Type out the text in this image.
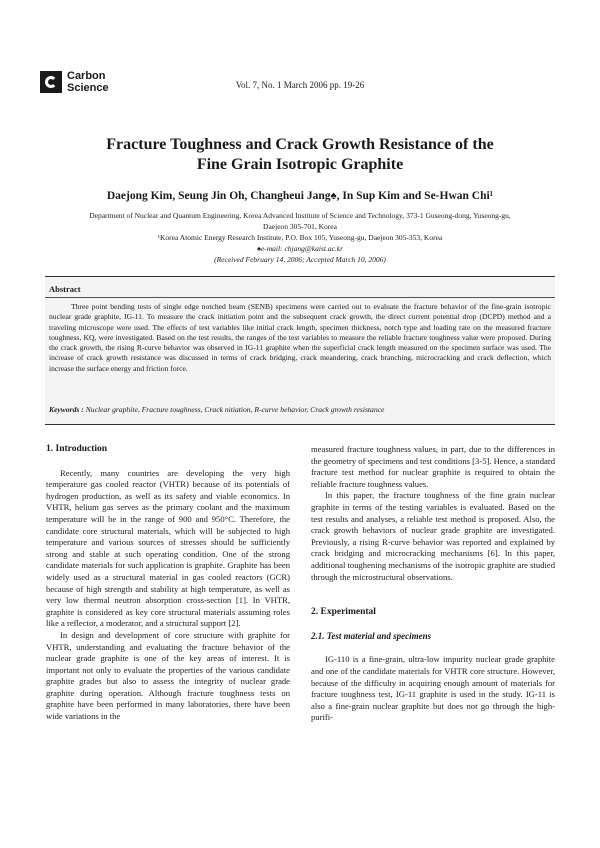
Carbon
Science	Vol. 7, No. 1 March 2006 pp. 19-26
Fracture Toughness and Crack Growth Resistance of the
Fine Grain Isotropic Graphite
Daejong Kim, Seung Jin Oh, Changheui Jang♠, In Sup Kim and Se-Hwan Chi¹
Department of Nuclear and Quantum Engineering, Korea Advanced Institute of Science and Technology, 373-1 Guseong-dong, Yuseong-gu,
Daejeon 305-701, Korea
¹Korea Atomic Energy Research Institute, P.O. Box 105, Yuseong-gu, Daejeon 305-353, Korea
♠e-mail: chjang@kaist.ac.kr
(Received February 14, 2006; Accepted March 10, 2006)
Abstract
Three point bending tests of single edge notched beam (SENB) specimens were carried out to evaluate the fracture behavior of the fine-grain isotropic nuclear grade graphite, IG-11. To measure the crack initiation point and the subsequent crack growth, the direct current potential drop (DCPD) method and a traveling microscope were used. The effects of test variables like initial crack length, specimen thickness, notch type and loading rate on the measured fracture toughness, KQ, were investigated. Based on the test results, the ranges of the test variables to measure the reliable fracture toughness value were proposed. During the crack growth, the rising R-curve behavior was observed in IG-11 graphite when the superficial crack length measured on the specimen surface was used. The increase of crack growth resistance was discussed in terms of crack bridging, crack meandering, crack branching, microcracking and crack deflection, which increase the surface energy and friction force.
Keywords : Nuclear graphite, Fracture toughness, Crack nitiation, R-curve behavior, Crack growth resistance
1. Introduction

Recently, many countries are developing the very high temperature gas cooled reactor (VHTR) because of its potentials of hydrogen production, as well as its safety and viable economics. In VHTR, helium gas serves as the primary coolant and the maximum temperature will be in the range of 900 and 950°C. Therefore, the candidate core structural materials, which will be subjected to high temperature and various sources of stresses should be sufficiently strong and stable at such operating condition. One of the strong candidate materials for such application is graphite. Graphite has been widely used as a structural material in gas cooled reactors (GCR) because of high strength and stability at high temperature, as well as very low thermal neutron absorption cross-section [1]. In VHTR, graphite is considered as key core structural materials assuming roles like a reflector, a moderator, and a structural support [2].

In design and development of core structure with graphite for VHTR, understanding and evaluating the fracture behavior of the nuclear grade graphite is one of the key areas of interest. It is important not only to evaluate the properties of the various candidate graphite grades but also to assess the integrity of nuclear grade graphite during operation. Although fracture toughness tests on graphite have been performed in many laboratories, there have been wide variations in the

measured fracture toughness values, in part, due to the differences in the geometry of specimens and test conditions [3-5]. Hence, a standard fracture test method for nuclear graphite is required to obtain the reliable fracture toughness values.

In this paper, the fracture toughness of the fine grain nuclear graphite in terms of the testing variables is evaluated. Based on the test results and analyses, a reliable test method is proposed. Also, the crack growth behaviors of nuclear grade graphite are investigated. Previously, a rising R-curve behavior was reported and explained by crack bridging and microcracking mechanisms [6]. In this paper, additional toughening mechanisms of the isotropic graphite are studied through the microstructural observations.

2. Experimental
2.1. Test material and specimens

IG-110 is a fine-grain, ultra-low impurity nuclear grade graphite and one of the candidate materials for VHTR core structure. However, because of the difficulty in acquiring enough amount of materials for fracture toughness test, IG-11 graphite is used in the study. IG-11 is also a fine-grain nuclear graphite but does not go through the high-purifi-
